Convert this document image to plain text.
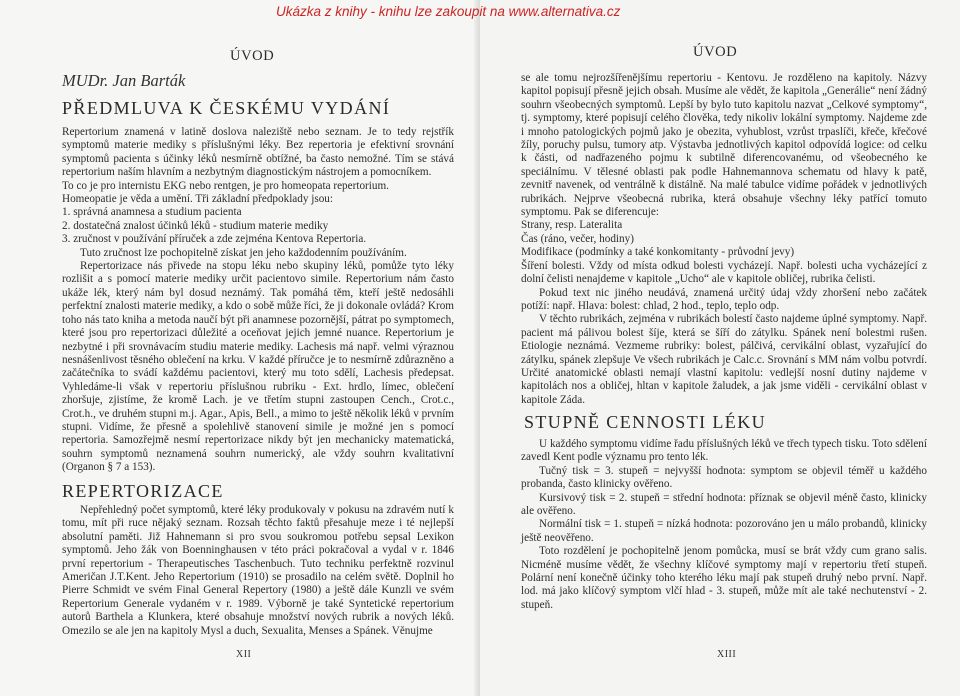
ÚVOD
MUDr. Jan Barták
PŘEDMLUVA K ČESKÉMU VYDÁNÍ

Repertorium znamená v latině doslova naleziště nebo seznam. Je to tedy rejstřík symptomů materie mediky s příslušnými léky. Bez repertoria je efektivní srovnání symptomů pacienta s účinky léků nesmírně obtížné, ba často nemožné. Tím se stává repertorium naším hlavním a nezbytným diagnostickým nástrojem a pomocníkem.

To co je pro internistu EKG nebo rentgen, je pro homeopata repertorium.

Homeopatie je věda a umění. Tři základní předpoklady jsou:

1. správná anamnesa a studium pacienta

2. dostatečná znalost účinků léků - studium materie mediky

3. zručnost v používání příruček a zde zejména Kentova Repertoria.

Tuto zručnost lze pochopitelně získat jen jeho každodenním používáním.

Repertorizace nás přivede na stopu léku nebo skupiny léků, pomůže tyto léky rozlišit a s pomocí materie mediky určit pacientovo simile. Repertorium nám často ukáže lék, který nám byl dosud neznámý. Tak pomáhá těm, kteří ještě nedosáhli perfektní znalosti materie mediky, a kdo o sobě může říci, že ji dokonale ovládá? Krom toho nás tato kniha a metoda naučí být při anamnese pozornější, pátrat po symptomech, které jsou pro repertorizaci důležité a oceňovat jejich jemné nuance. Repertorium je nezbytné i při srovnávacím studiu materie mediky. Lachesis má např. velmi výraznou nesnášenlivost těsného oblečení na krku. V každé příručce je to nesmírně zdůrazněno a začátečníka to svádí každému pacientovi, který mu toto sdělí, Lachesis předepsat. Vyhledáme-li však v repertoriu příslušnou rubriku - Ext. hrdlo, límec, oblečení zhoršuje, zjistíme, že kromě Lach. je ve třetím stupni zastoupen Cench., Crot.c., Crot.h., ve druhém stupni m.j. Agar., Apis, Bell., a mimo to ještě několik léků v prvním stupni. Vidíme, že přesně a spolehlivě stanovení simile je možné jen s pomocí repertoria. Samozřejmě nesmí repertorizace nikdy být jen mechanicky matematická, souhrn symptomů neznamená souhrn numerický, ale vždy souhrn kvalitativní (Organon § 7 a 153).

REPERTORIZACE

Nepřehledný počet symptomů, které léky produkovaly v pokusu na zdravém nutí k tomu, mít při ruce nějaký seznam. Rozsah těchto faktů přesahuje meze i té nejlepší absolutní paměti. Již Hahnemann si pro svou soukromou potřebu sepsal Lexikon symptomů. Jeho žák von Boenninghausen v této práci pokračoval a vydal v r. 1846 první repertorium - Therapeutisches Taschenbuch. Tuto techniku perfektně rozvinul Američan J.T.Kent. Jeho Repertorium (1910) se prosadilo na celém světě. Doplnil ho Pierre Schmidt ve svém Final General Repertory (1980) a ještě dále Kunzli ve svém Repertorium Generale vydaném v r. 1989. Výborně je také Syntetické repertorium autorů Barthela a Klunkera, které obsahuje množství nových rubrik a nových léků. Omezilo se ale jen na kapitoly Mysl a duch, Sexualita, Menses a Spánek. Věnujme

XII
ÚVOD

se ale tomu nejrozšířenějšímu repertoriu - Kentovu. Je rozděleno na kapitoly. Názvy kapitol popisují přesně jejich obsah. Musíme ale vědět, že kapitola „Generálie“ není žádný souhrn všeobecných symptomů. Lepší by bylo tuto kapitolu nazvat „Celkové symptomy“, tj. symptomy, které popisují celého člověka, tedy nikoliv lokální symptomy. Najdeme zde i mnoho patologických pojmů jako je obezita, vyhublost, vzrůst trpaslíči, křeče, křečové žíly, poruchy pulsu, tumory atp. Výstavba jednotlivých kapitol odpovídá logice: od celku k části, od nadřazeného pojmu k subtilně diferencovanému, od všeobecného ke speciálnímu. V tělesné oblasti pak podle Hahnemannova schematu od hlavy k patě, zevnitř navenek, od ventrálně k distálně. Na malé tabulce vidíme pořádek v jednotlivých rubrikách. Nejprve všeobecná rubrika, která obsahuje všechny léky patřící tomuto symptomu. Pak se diferencuje:

Strany, resp. Lateralita

Čas (ráno, večer, hodiny)

Modifikace (podmínky a také konkomitanty - průvodní jevy)

Šíření bolesti. Vždy od místa odkud bolesti vycházejí. Např. bolesti ucha vycházející z dolní čelisti nenajdeme v kapitole „Ucho“ ale v kapitole obličej, rubrika čelisti.

Pokud text nic jiného neudává, znamená určitý údaj vždy zhoršení nebo začátek potíží: např. Hlava: bolest: chlad, 2 hod., teplo, teplo odp.

V těchto rubrikách, zejména v rubrikách bolestí často najdeme úplné symptomy. Např. pacient má pálivou bolest šíje, která se šíří do zátylku. Spánek není bolestmi rušen. Etiologie neznámá. Vezmeme rubriky: bolest, pálčivá, cervikální oblast, vyzařující do zátylku, spánek zlepšuje Ve všech rubrikách je Calc.c. Srovnání s MM nám volbu potvrdí. Určité anatomické oblasti nemají vlastní kapitolu: vedlejší nosní dutiny najdeme v kapitolách nos a obličej, hltan v kapitole žaludek, a jak jsme viděli - cervikální oblast v kapitole Záda.

STUPNĚ CENNOSTI LÉKU

U každého symptomu vidíme řadu příslušných léků ve třech typech tisku. Toto sdělení zavedl Kent podle významu pro tento lék.

Tučný tisk = 3. stupeň = nejvyšší hodnota: symptom se objevil téměř u každého probanda, často klinicky ověřeno.

Kursivový tisk = 2. stupeň = střední hodnota: příznak se objevil méně často, klinicky ale ověřeno.

Normální tisk = 1. stupeň = nízká hodnota: pozorováno jen u málo probandů, klinicky ještě neověřeno.

Toto rozdělení je pochopitelně jenom pomůcka, musí se brát vždy cum grano salis. Nicméně musíme vědět, že všechny klíčové symptomy mají v repertoriu třetí stupeň. Polární není konečně účinky toho kterého léku mají pak stupeň druhý nebo první. Např. lod. má jako klíčový symptom vlčí hlad - 3. stupeň, může mít ale také nechutenství - 2. stupeň.

XIII
Ukázka z knihy - knihu lze zakoupit na www.alternativa.cz
